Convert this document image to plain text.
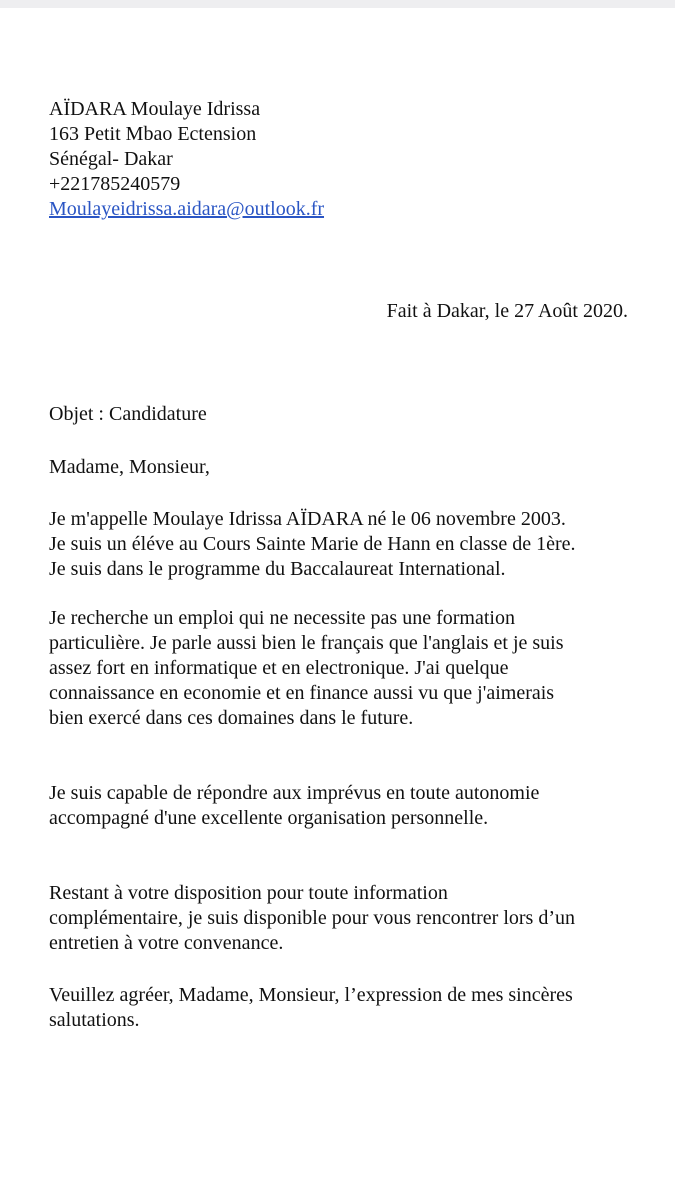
AÏDARA Moulaye Idrissa
163 Petit Mbao Ectension
Sénégal- Dakar
+221785240579
Moulayeidrissa.aidara@outlook.fr
Fait à Dakar, le 27 Août 2020.
Objet : Candidature
Madame, Monsieur,
Je m'appelle Moulaye Idrissa AÏDARA né le 06 novembre 2003.
Je suis un éléve au Cours Sainte Marie de Hann en classe de 1ère.
Je suis dans le programme du Baccalaureat International.
Je recherche un emploi qui ne necessite pas une formation
particulière. Je parle aussi bien le français que l'anglais et je suis
assez fort en informatique et en electronique. J'ai quelque
connaissance en economie et en finance aussi vu que j'aimerais
bien exercé dans ces domaines dans le future.
Je suis capable de répondre aux imprévus en toute autonomie
accompagné d'une excellente organisation personnelle.
Restant à votre disposition pour toute information
complémentaire, je suis disponible pour vous rencontrer lors d’un
entretien à votre convenance.
Veuillez agréer, Madame, Monsieur, l’expression de mes sincères
salutations.
